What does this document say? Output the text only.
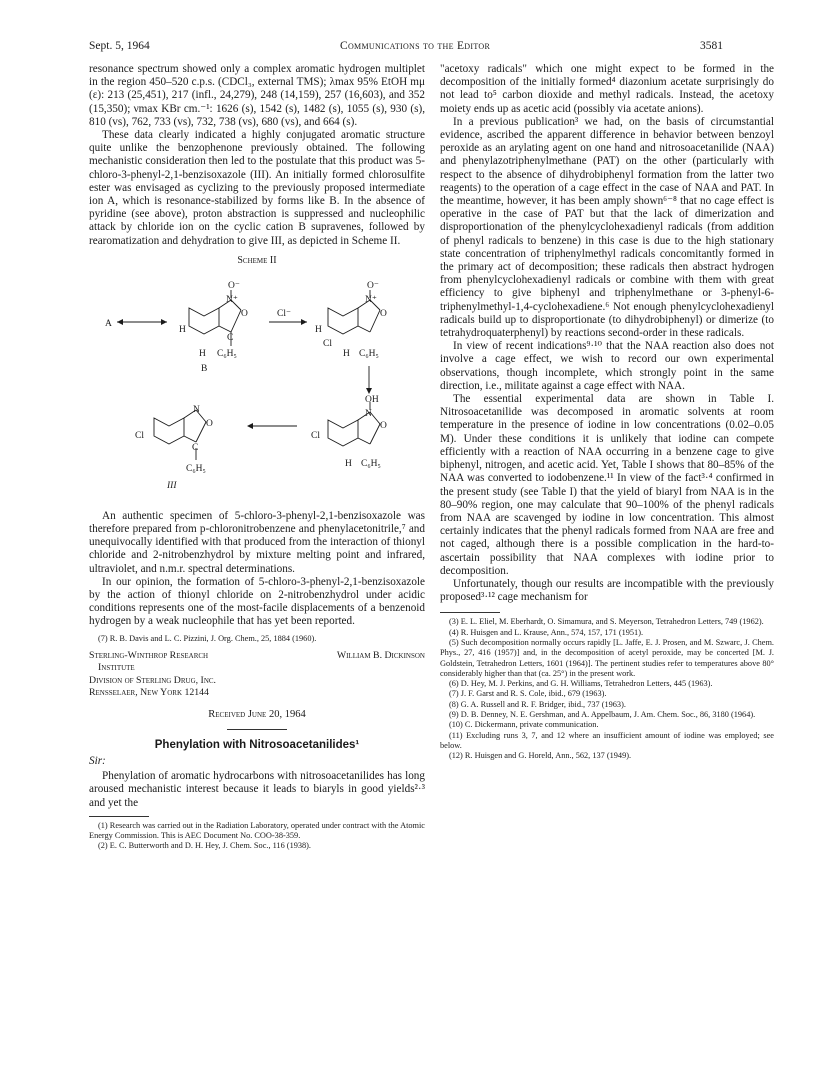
Sept. 5, 1964	Communications to the Editor	3581

resonance spectrum showed only a complex aromatic hydrogen multiplet in the region 450–520 c.p.s. (CDCl₃, external TMS); λmax 95% EtOH mμ (ε): 213 (25,451), 217 (infl., 24,279), 248 (14,159), 257 (16,603), and 352 (15,350); νmax KBr cm.⁻¹: 1626 (s), 1542 (s), 1482 (s), 1055 (s), 930 (s), 810 (vs), 762, 733 (vs), 732, 738 (vs), 680 (vs), and 664 (s).

These data clearly indicated a highly conjugated aromatic structure quite unlike the benzophenone previously obtained. The following mechanistic consideration then led to the postulate that this product was 5-chloro-3-phenyl-2,1-benzisoxazole (III). An initially formed chlorosulfite ester was envisaged as cyclizing to the previously proposed intermediate ion A, which is resonance-stabilized by forms like B. In the absence of pyridine (see above), proton abstraction is suppressed and nucleophilic attack by chloride ion on the cyclic cation B supravenes, followed by rearomatization and dehydration to give III, as depicted in Scheme II.

Scheme II
O⁻
N⁺
O
C
H C₆H₅
H
B
A
Cl⁻
O⁻
N⁺
O
H
Cl
H C₆H₅
OH
N
O
Cl
H C₆H₅
N
O
C
Cl
C₆H₅
III

An authentic specimen of 5-chloro-3-phenyl-2,1-benzisoxazole was therefore prepared from p-chloronitrobenzene and phenylacetonitrile,⁷ and unequivocally identified with that produced from the interaction of thionyl chloride and 2-nitrobenzhydrol by mixture melting point and infrared, ultraviolet, and n.m.r. spectral determinations.

In our opinion, the formation of 5-chloro-3-phenyl-2,1-benzisoxazole by the action of thionyl chloride on 2-nitrobenzhydrol under acidic conditions represents one of the most-facile displacements of a benzenoid hydrogen by a weak nucleophile that has yet been reported.

(7) R. B. Davis and L. C. Pizzini, J. Org. Chem., 25, 1884 (1960).

Sterling-Winthrop Research	William B. Dickinson
Institute
Division of Sterling Drug, Inc.
Rensselaer, New York 12144
Received June 20, 1964
Phenylation with Nitrosoacetanilides¹
Sir:

Phenylation of aromatic hydrocarbons with nitrosoacetanilides has long aroused mechanistic interest because it leads to biaryls in good yields²·³ and yet the

(1) Research was carried out in the Radiation Laboratory, operated under contract with the Atomic Energy Commission. This is AEC Document No. COO-38-359.

(2) E. C. Butterworth and D. H. Hey, J. Chem. Soc., 116 (1938).

"acetoxy radicals" which one might expect to be formed in the decomposition of the initially formed⁴ diazonium acetate surprisingly do not lead to⁵ carbon dioxide and methyl radicals. Instead, the acetoxy moiety ends up as acetic acid (possibly via acetate anions).

In a previous publication³ we had, on the basis of circumstantial evidence, ascribed the apparent difference in behavior between benzoyl peroxide as an arylating agent on one hand and nitrosoacetanilide (NAA) and phenylazotriphenylmethane (PAT) on the other (particularly with respect to the absence of dihydrobiphenyl formation from the latter two reagents) to the operation of a cage effect in the case of NAA and PAT. In the meantime, however, it has been amply shown⁶⁻⁸ that no cage effect is operative in the case of PAT but that the lack of dimerization and disproportionation of the phenylcyclohexadienyl radicals (from addition of phenyl radicals to benzene) in this case is due to the high stationary state concentration of triphenylmethyl radicals concomitantly formed in the primary act of decomposition; these radicals then abstract hydrogen from phenylcyclohexadienyl radicals or combine with them with great efficiency to give biphenyl and triphenylmethane or 3-phenyl-6-triphenylmethyl-1,4-cyclohexadiene.⁶ Not enough phenylcyclohexadienyl radicals build up to disproportionate (to dihydrobiphenyl) or dimerize (to tetrahydroquaterphenyl) by reactions second-order in these radicals.

In view of recent indications⁹·¹⁰ that the NAA reaction also does not involve a cage effect, we wish to record our own experimental observations, though incomplete, which strongly point in the same direction, i.e., militate against a cage effect with NAA.

The essential experimental data are shown in Table I. Nitrosoacetanilide was decomposed in aromatic solvents at room temperature in the presence of iodine in low concentrations (0.02–0.05 M). Under these conditions it is unlikely that iodine can compete efficiently with a reaction of NAA occurring in a benzene cage to give biphenyl, nitrogen, and acetic acid. Yet, Table I shows that 80–85% of the NAA was converted to iodobenzene.¹¹ In view of the fact³·⁴ confirmed in the present study (see Table I) that the yield of biaryl from NAA is in the 80–90% region, one may calculate that 90–100% of the phenyl radicals from NAA are scavenged by iodine in low concentration. This almost certainly indicates that the phenyl radicals formed from NAA are free and not caged, although there is a possible complication in the hard-to-ascertain possibility that NAA complexes with iodine prior to decomposition.

Unfortunately, though our results are incompatible with the previously proposed³·¹² cage mechanism for

(3) E. L. Eliel, M. Eberhardt, O. Simamura, and S. Meyerson, Tetrahedron Letters, 749 (1962).

(4) R. Huisgen and L. Krause, Ann., 574, 157, 171 (1951).

(5) Such decomposition normally occurs rapidly [L. Jaffe, E. J. Prosen, and M. Szwarc, J. Chem. Phys., 27, 416 (1957)] and, in the decomposition of acetyl peroxide, may be concerted [M. J. Goldstein, Tetrahedron Letters, 1601 (1964)]. The pertinent studies refer to temperatures above 80° considerably higher than that (ca. 25°) in the present work.

(6) D. Hey, M. J. Perkins, and G. H. Williams, Tetrahedron Letters, 445 (1963).

(7) J. F. Garst and R. S. Cole, ibid., 679 (1963).

(8) G. A. Russell and R. F. Bridger, ibid., 737 (1963).

(9) D. B. Denney, N. E. Gershman, and A. Appelbaum, J. Am. Chem. Soc., 86, 3180 (1964).

(10) C. Dickermann, private communication.

(11) Excluding runs 3, 7, and 12 where an insufficient amount of iodine was employed; see below.

(12) R. Huisgen and G. Horeld, Ann., 562, 137 (1949).
